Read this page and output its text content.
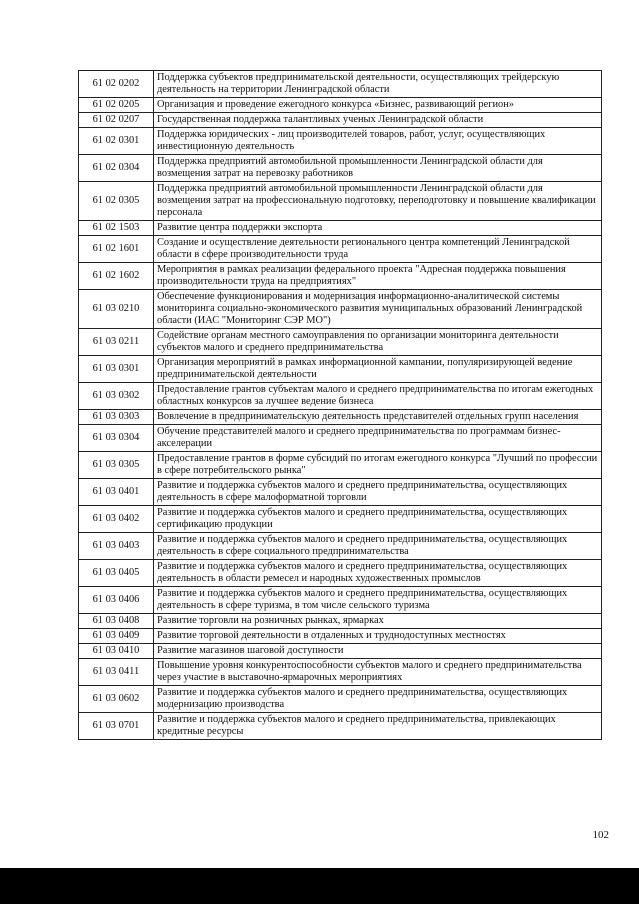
61 02 0202	Поддержка субъектов предпринимательской деятельности, осуществляющих трейдерскую деятельность на территории Ленинградской области
61 02 0205	Организация и проведение ежегодного конкурса «Бизнес, развивающий регион»
61 02 0207	Государственная поддержка талантливых ученых Ленинградской области
61 02 0301	Поддержка юридических - лиц производителей товаров, работ, услуг, осуществляющих инвестиционную деятельность
61 02 0304	Поддержка предприятий автомобильной промышленности Ленинградской области для возмещения затрат на перевозку работников
61 02 0305	Поддержка предприятий автомобильной промышленности Ленинградской области для возмещения затрат на профессиональную подготовку, переподготовку и повышение квалификации персонала
61 02 1503	Развитие центра поддержки экспорта
61 02 1601	Создание и осуществление деятельности регионального центра компетенций Ленинградской области в сфере производительности труда
61 02 1602	Мероприятия в рамках реализации федерального проекта "Адресная поддержка повышения производительности труда на предприятиях"
61 03 0210	Обеспечение функционирования и модернизация информационно-аналитической системы мониторинга социально-экономического развития муниципальных образований Ленинградской области (ИАС "Мониторинг СЭР МО")
61 03 0211	Содействие органам местного самоуправления по организации мониторинга деятельности субъектов малого и среднего предпринимательства
61 03 0301	Организация мероприятий в рамках информационной кампании, популяризирующей ведение предпринимательской деятельности
61 03 0302	Предоставление грантов субъектам малого и среднего предпринимательства по итогам ежегодных областных конкурсов за лучшее ведение бизнеса
61 03 0303	Вовлечение в предпринимательскую деятельность представителей отдельных групп населения
61 03 0304	Обучение представителей малого и среднего предпринимательства по программам бизнес-акселерации
61 03 0305	Предоставление грантов в форме субсидий по итогам ежегодного конкурса "Лучший по профессии в сфере потребительского рынка"
61 03 0401	Развитие и поддержка субъектов малого и среднего предпринимательства, осуществляющих деятельность в сфере малоформатной торговли
61 03 0402	Развитие и поддержка субъектов малого и среднего предпринимательства, осуществляющих сертификацию продукции
61 03 0403	Развитие и поддержка субъектов малого и среднего предпринимательства, осуществляющих деятельность в сфере социального предпринимательства
61 03 0405	Развитие и поддержка субъектов малого и среднего предпринимательства, осуществляющих деятельность в области ремесел и народных художественных промыслов
61 03 0406	Развитие и поддержка субъектов малого и среднего предпринимательства, осуществляющих деятельность в сфере туризма, в том числе сельского туризма
61 03 0408	Развитие торговли на розничных рынках, ярмарках
61 03 0409	Развитие торговой деятельности в отдаленных и труднодоступных местностях
61 03 0410	Развитие магазинов шаговой доступности
61 03 0411	Повышение уровня конкурентоспособности субъектов малого и среднего предпринимательства через участие в выставочно-ярмарочных мероприятиях
61 03 0602	Развитие и поддержка субъектов малого и среднего предпринимательства, осуществляющих модернизацию производства
61 03 0701	Развитие и поддержка субъектов малого и среднего предпринимательства, привлекающих кредитные ресурсы
102
